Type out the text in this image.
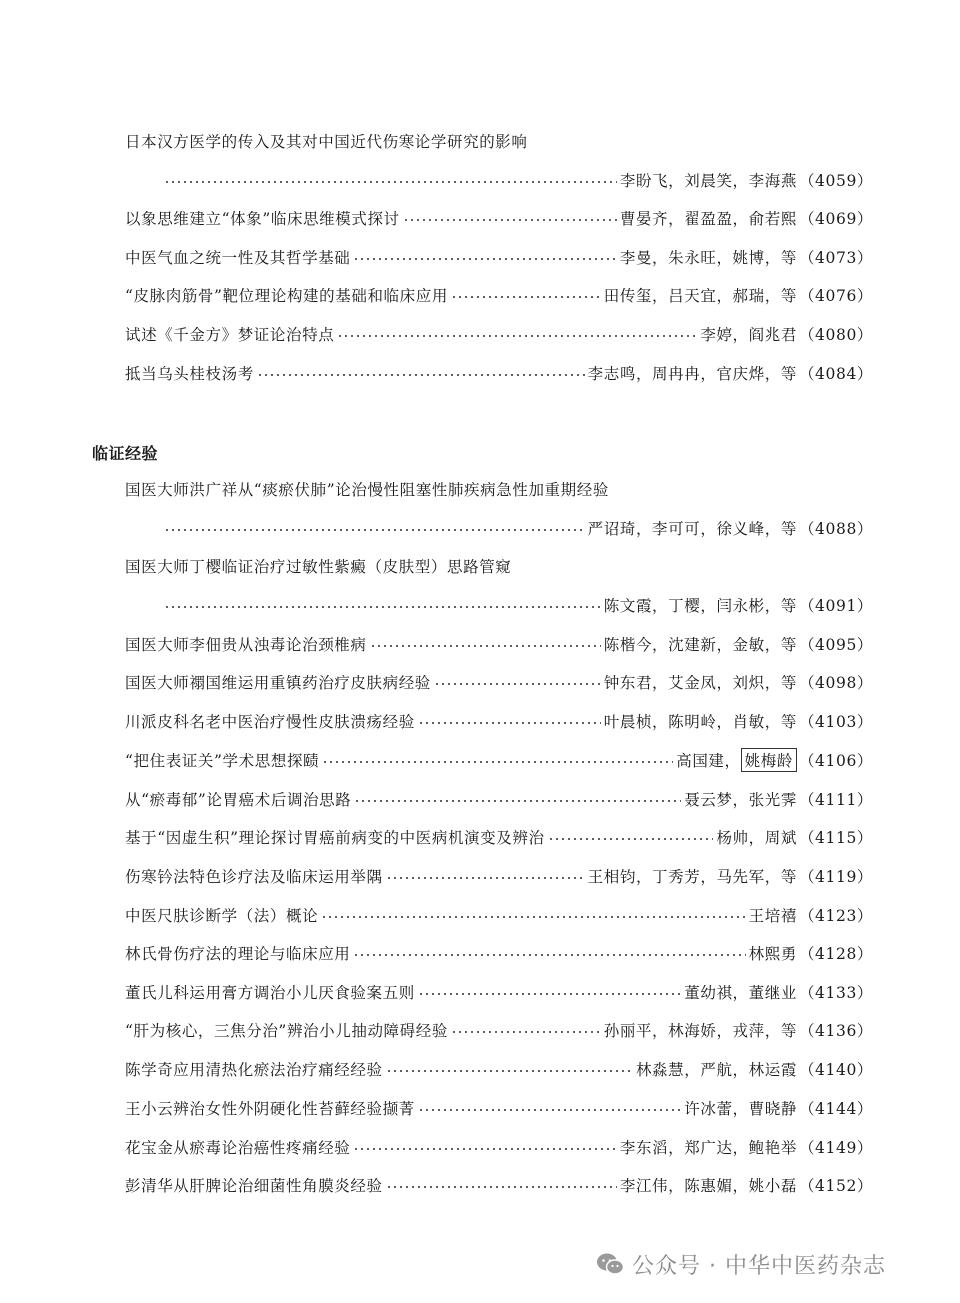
日本汉方医学的传入及其对中国近代伤寒论学研究的影响
李盼飞，刘晨笑，李海燕 （4059）
以象思维建立“体象”临床思维模式探讨	曹晏齐，翟盈盈，俞若熙 （4069）
中医气血之统一性及其哲学基础	李曼，朱永旺，姚博，等 （4073）
“皮脉肉筋骨”靶位理论构建的基础和临床应用	田传玺，吕天宜，郝瑞，等 （4076）
试述《千金方》梦证论治特点	李婷，阎兆君 （4080）
抵当乌头桂枝汤考	李志鸣，周冉冉，官庆烨，等 （4084）
临证经验
国医大师洪广祥从“痰瘀伏肺”论治慢性阻塞性肺疾病急性加重期经验
严诏琦，李可可，徐义峰，等 （4088）
国医大师丁樱临证治疗过敏性紫癜（皮肤型）思路管窥
陈文霞，丁樱，闫永彬，等 （4091）
国医大师李佃贵从浊毒论治颈椎病	陈楷今，沈建新，金敏，等 （4095）
国医大师禤国维运用重镇药治疗皮肤病经验	钟东君，艾金凤，刘炽，等 （4098）
川派皮科名老中医治疗慢性皮肤溃疡经验	叶晨桢，陈明岭，肖敏，等 （4103）
“把住表证关”学术思想探赜	高国建， 姚梅龄 （4106）
从“瘀毒郁”论胃癌术后调治思路	聂云梦，张光霁 （4111）
基于“因虚生积”理论探讨胃癌前病变的中医病机演变及辨治	杨帅，周斌 （4115）
伤寒钤法特色诊疗法及临床运用举隅	王相钧，丁秀芳，马先军，等 （4119）
中医尺肤诊断学（法）概论	王培禧 （4123）
林氏骨伤疗法的理论与临床应用	林熙勇 （4128）
董氏儿科运用膏方调治小儿厌食验案五则	董幼祺，董继业 （4133）
“肝为核心，三焦分治”辨治小儿抽动障碍经验	孙丽平，林海娇，戎萍，等 （4136）
陈学奇应用清热化瘀法治疗痛经经验	林淼慧，严航，林运霞 （4140）
王小云辨治女性外阴硬化性苔藓经验撷菁	许冰蕾，曹晓静 （4144）
花宝金从瘀毒论治癌性疼痛经验	李东滔，郑广达，鲍艳举 （4149）
彭清华从肝脾论治细菌性角膜炎经验	李江伟，陈惠媚，姚小磊 （4152）
公众号 · 中华中医药杂志
